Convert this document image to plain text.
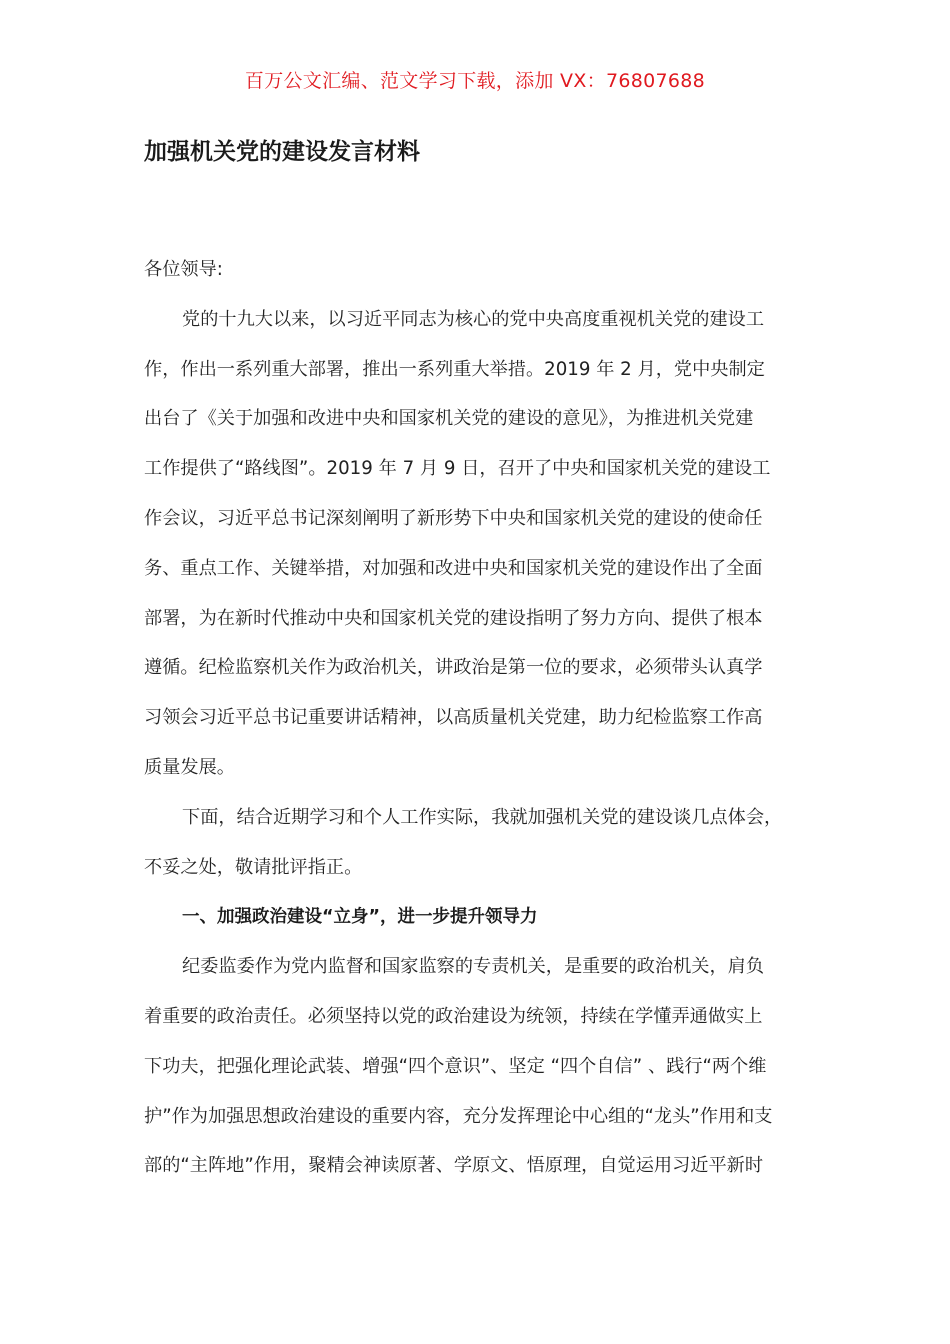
百万公文汇编、范文学习下载，添加 VX：76807688
加强机关党的建设发言材料
各位领导:
党的十九大以来，以习近平同志为核心的党中央高度重视机关党的建设工
作，作出一系列重大部署，推出一系列重大举措。2019 年 2 月，党中央制定
出台了《关于加强和改进中央和国家机关党的建设的意见》，为推进机关党建
工作提供了“路线图”。2019 年 7 月 9 日，召开了中央和国家机关党的建设工
作会议，习近平总书记深刻阐明了新形势下中央和国家机关党的建设的使命任
务、重点工作、关键举措，对加强和改进中央和国家机关党的建设作出了全面
部署，为在新时代推动中央和国家机关党的建设指明了努力方向、提供了根本
遵循。纪检监察机关作为政治机关，讲政治是第一位的要求，必须带头认真学
习领会习近平总书记重要讲话精神，以高质量机关党建，助力纪检监察工作高
质量发展。
下面，结合近期学习和个人工作实际，我就加强机关党的建设谈几点体会，
不妥之处，敬请批评指正。
一、加强政治建设“立身”，进一步提升领导力
纪委监委作为党内监督和国家监察的专责机关，是重要的政治机关，肩负
着重要的政治责任。必须坚持以党的政治建设为统领，持续在学懂弄通做实上
下功夫，把强化理论武装、增强“四个意识”、坚定 “四个自信” 、践行“两个维
护”作为加强思想政治建设的重要内容，充分发挥理论中心组的“龙头”作用和支
部的“主阵地”作用，聚精会神读原著、学原文、悟原理，自觉运用习近平新时
